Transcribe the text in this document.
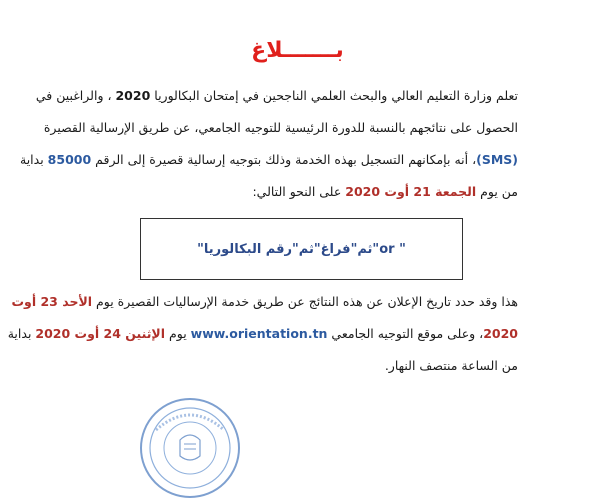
بـــــــلاغ
تعلم وزارة التعليم العالي والبحث العلمي الناجحين في إمتحان البكالوريا 2020 ، والراغبين في
الحصول على نتائجهم بالنسبة للدورة الرئيسية للتوجيه الجامعي، عن طريق الإرسالية القصيرة
(SMS)، أنه بإمكانهم التسجيل بهذه الخدمة وذلك بتوجيه إرسالية قصيرة إلى الرقم 85000 بداية
من يوم الجمعة 21 أوت 2020 على النحو التالي:
" or"
ثم
"فراغ"
ثم
"رقم البكالوريا"
هذا وقد حدد تاريخ الإعلان عن هذه النتائج عن طريق خدمة الإرساليات القصيرة يوم الأحد 23 أوت
2020، وعلى موقع التوجيه الجامعي www.orientation.tn يوم الإثنين 24 أوت 2020 بداية
من الساعة منتصف النهار.
